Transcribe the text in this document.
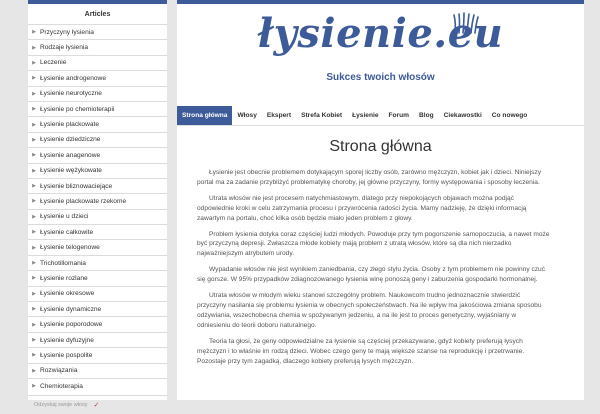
Articles
▶ Przyczyny łysienia
▶ Rodzaje łysienia
▶ Leczenie
▶ Łysienie androgenowe
▶ Łysienie neurotyczne
▶ Łysienie po chemioterapii
▶ Łysienie plackowate
▶ Łysienie dziedziczne
▶ Łysienie anagenowe
▶ Łysienie wężykowate
▶ Łysienie bliznowaciejące
▶ Łysienie plackowate rzekome
▶ Łysienie u dzieci
▶ Łysienie całkowite
▶ Łysienie telogenowe
▶ Trichotillomania
▶ Łysienie rozlane
▶ Łysienie okresowe
▶ Łysienie dynamiczne
▶ Łysienie poporodowe
▶ Łysienie dyfuzyjne
▶ Łysienie pospolite
▶ Rozwiązania
▶ Chemioterapia
Odzyskaj swoje włosy ✓
łysienie.eu
Sukces twoich włosów
Strona główna	Włosy	Ekspert	Strefa Kobiet	Łysienie	Forum	Blog	Ciekawostki	Co nowego
Strona główna

Łysienie jest obecnie problemem dotykającym sporej liczby osób, zarówno mężczyzn, kobiet jak i dzieci. Niniejszy portal ma za zadanie przybliżyć problematykę choroby, jej główne przyczyny, formy występowania i sposoby leczenia.

Utrata włosów nie jest procesem natychmiastowym, dlatego przy niepokojących objawach można podjąć odpowiednie kroki w celu zatrzymania procesu i przywrócenia radości życia. Mamy nadzieję, że dzięki informacją zawartym na portalu, choć kilka osób będzie miało jeden problem z głowy.

Problem łysienia dotyka coraz częściej ludzi młodych. Powoduje przy tym pogorszenie samopoczucia, a nawet może być przyczyną depresji. Zwłaszcza młode kobiety mają problem z utratą włosów, które są dla nich nierzadko najważniejszym atrybutem urody.

Wypadanie włosów nie jest wynikiem zaniedbania, czy złego stylu życia. Osoby z tym problemem nie powinny czuć się gorsze. W 95% przypadków zdiagnozowanego łysienia winę ponoszą geny i zaburzenia gospodarki hormonalnej.

Utrata włosów w młodym wieku stanowi szczególny problem. Naukowcom trudno jednoznacznie stwierdzić przyczyny nasilania się problemu łysienia w obecnych społeczeństwach. Na ile wpływ ma jakościowa zmiana sposobu odżywiania, wszechobecna chemia w spożywanym jedzeniu, a na ile jest to proces genetyczny, wyjaśniany w odniesieniu do teorii doboru naturalnego.

Teoria ta głosi, że geny odpowiedzialne za łysienie są częściej przekazywane, gdyż kobiety preferują łysych mężczyzn i to właśnie im rodzą dzieci. Wobec czego geny te mają większe szanse na reprodukcję i przetrwanie. Pozostaje przy tym zagadką, dlaczego kobiety preferują łysych mężczyzn.
